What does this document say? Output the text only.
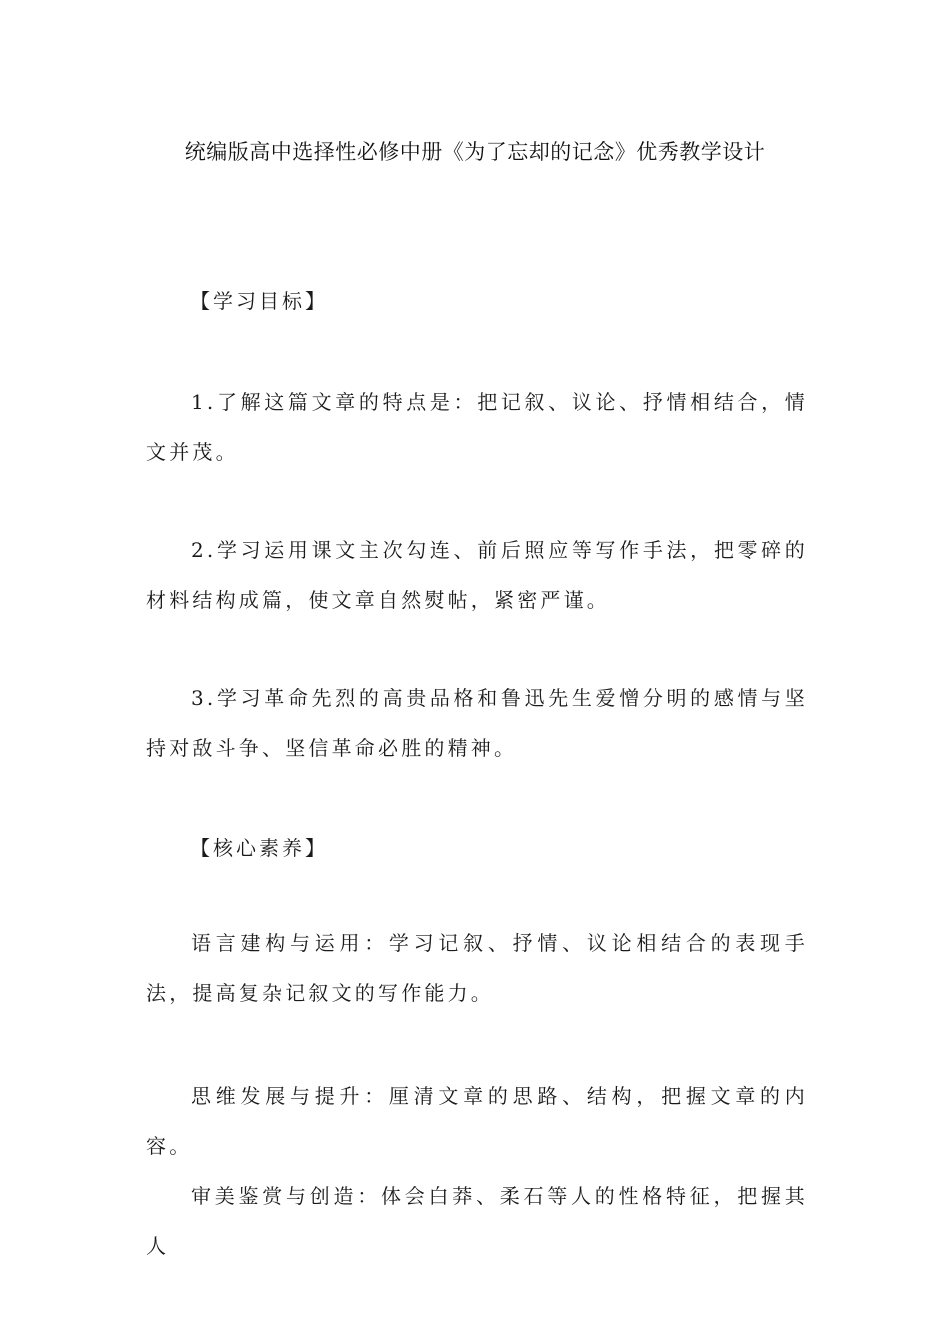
统编版高中选择性必修中册《为了忘却的记念》优秀教学设计
【学习目标】
1.了解这篇文章的特点是：把记叙、议论、抒情相结合，情文并茂。
2.学习运用课文主次勾连、前后照应等写作手法，把零碎的材料结构成篇，使文章自然熨帖，紧密严谨。
3.学习革命先烈的高贵品格和鲁迅先生爱憎分明的感情与坚持对敌斗争、坚信革命必胜的精神。
【核心素养】
语言建构与运用：学习记叙、抒情、议论相结合的表现手法，提高复杂记叙文的写作能力。
思维发展与提升：厘清文章的思路、结构，把握文章的内容。
审美鉴赏与创造：体会白莽、柔石等人的性格特征，把握其人
